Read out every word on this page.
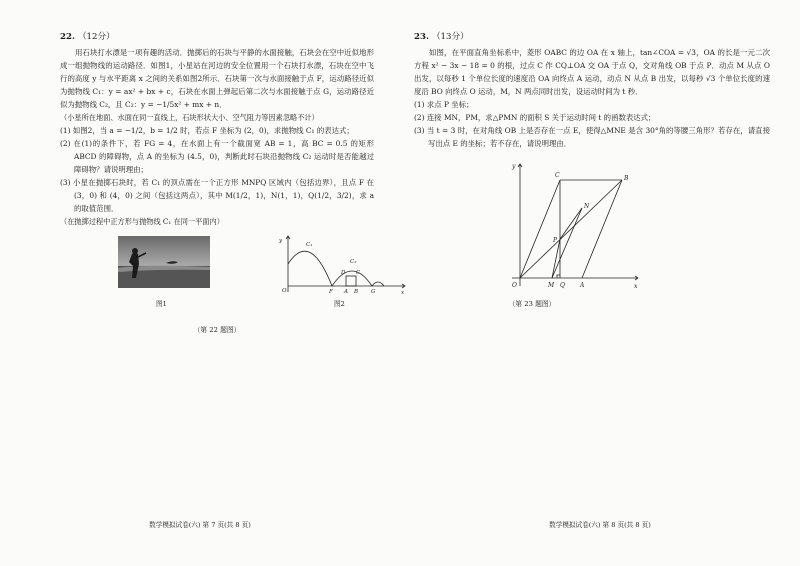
22. （12分）

用石块打水漂是一项有趣的活动．抛掷后的石块与平静的水面接触，石块会在空中近似地形成一组抛物线的运动路径．如图1，小星站在河边的安全位置用一个石块打水漂，石块在空中飞行的高度 y 与水平距离 x 之间的关系如图2所示．石块第一次与水面接触于点 F，运动路径近似为抛物线 C₁：y = ax² + bx + c，石块在水面上弹起后第二次与水面接触于点 G，运动路径近似为抛物线 C₂，且 C₂：y = −1/5x² + mx + n．

（小星所在地面、水面在同一直线上，石块形状大小、空气阻力等因素忽略不计）

(1) 如图2，当 a = −1/2，b = 1/2 时，若点 F 坐标为 (2，0)，求抛物线 C₁ 的表达式；

(2) 在(1)的条件下，若 FG = 4，在水面上有一个截面宽 AB = 1，高 BC = 0.5 的矩形 ABCD 的障碍物，点 A 的坐标为 (4.5，0)，判断此时石块沿抛物线 C₂ 运动时是否能越过障碍物？请说明理由；

(3) 小星在抛掷石块时，若 C₁ 的顶点需在一个正方形 MNPQ 区域内（包括边界），且点 F 在 (3，0) 和 (4，0) 之间（包括这两点），其中 M(1/2，1)，N(1，1)，Q(1/2，3/2)，求 a 的取值范围．

（在抛掷过程中正方形与抛物线 C₁ 在同一平面内）

图1
y
x
O	F A B G
C
D
C₁
C₂
图2
（第 22 题图）
数学模拟试卷(六) 第 7 页(共 8 页)
23. （13分）

如图，在平面直角坐标系中，菱形 OABC 的边 OA 在 x 轴上，tan∠COA = √3，OA 的长是一元二次方程 x² − 3x − 18 = 0 的根，过点 C 作 CQ⊥OA 交 OA 于点 Q，交对角线 OB 于点 P．动点 M 从点 O 出发，以每秒 1 个单位长度的速度沿 OA 向终点 A 运动，动点 N 从点 B 出发，以每秒 √3 个单位长度的速度沿 BO 向终点 O 运动，M，N 两点同时出发，设运动时间为 t 秒．

(1) 求点 P 坐标；

(2) 连接 MN，PM，求△PMN 的面积 S 关于运动时间 t 的函数表达式；

(3) 当 t = 3 时，在对角线 OB 上是否存在一点 E，使得△MNE 是含 30°角的等腰三角形？若存在，请直接写出点 E 的坐标；若不存在，请说明理由．

y
x
O	A
B
C
M Q
P
N
（第 23 题图）
数学模拟试卷(六) 第 8 页(共 8 页)
